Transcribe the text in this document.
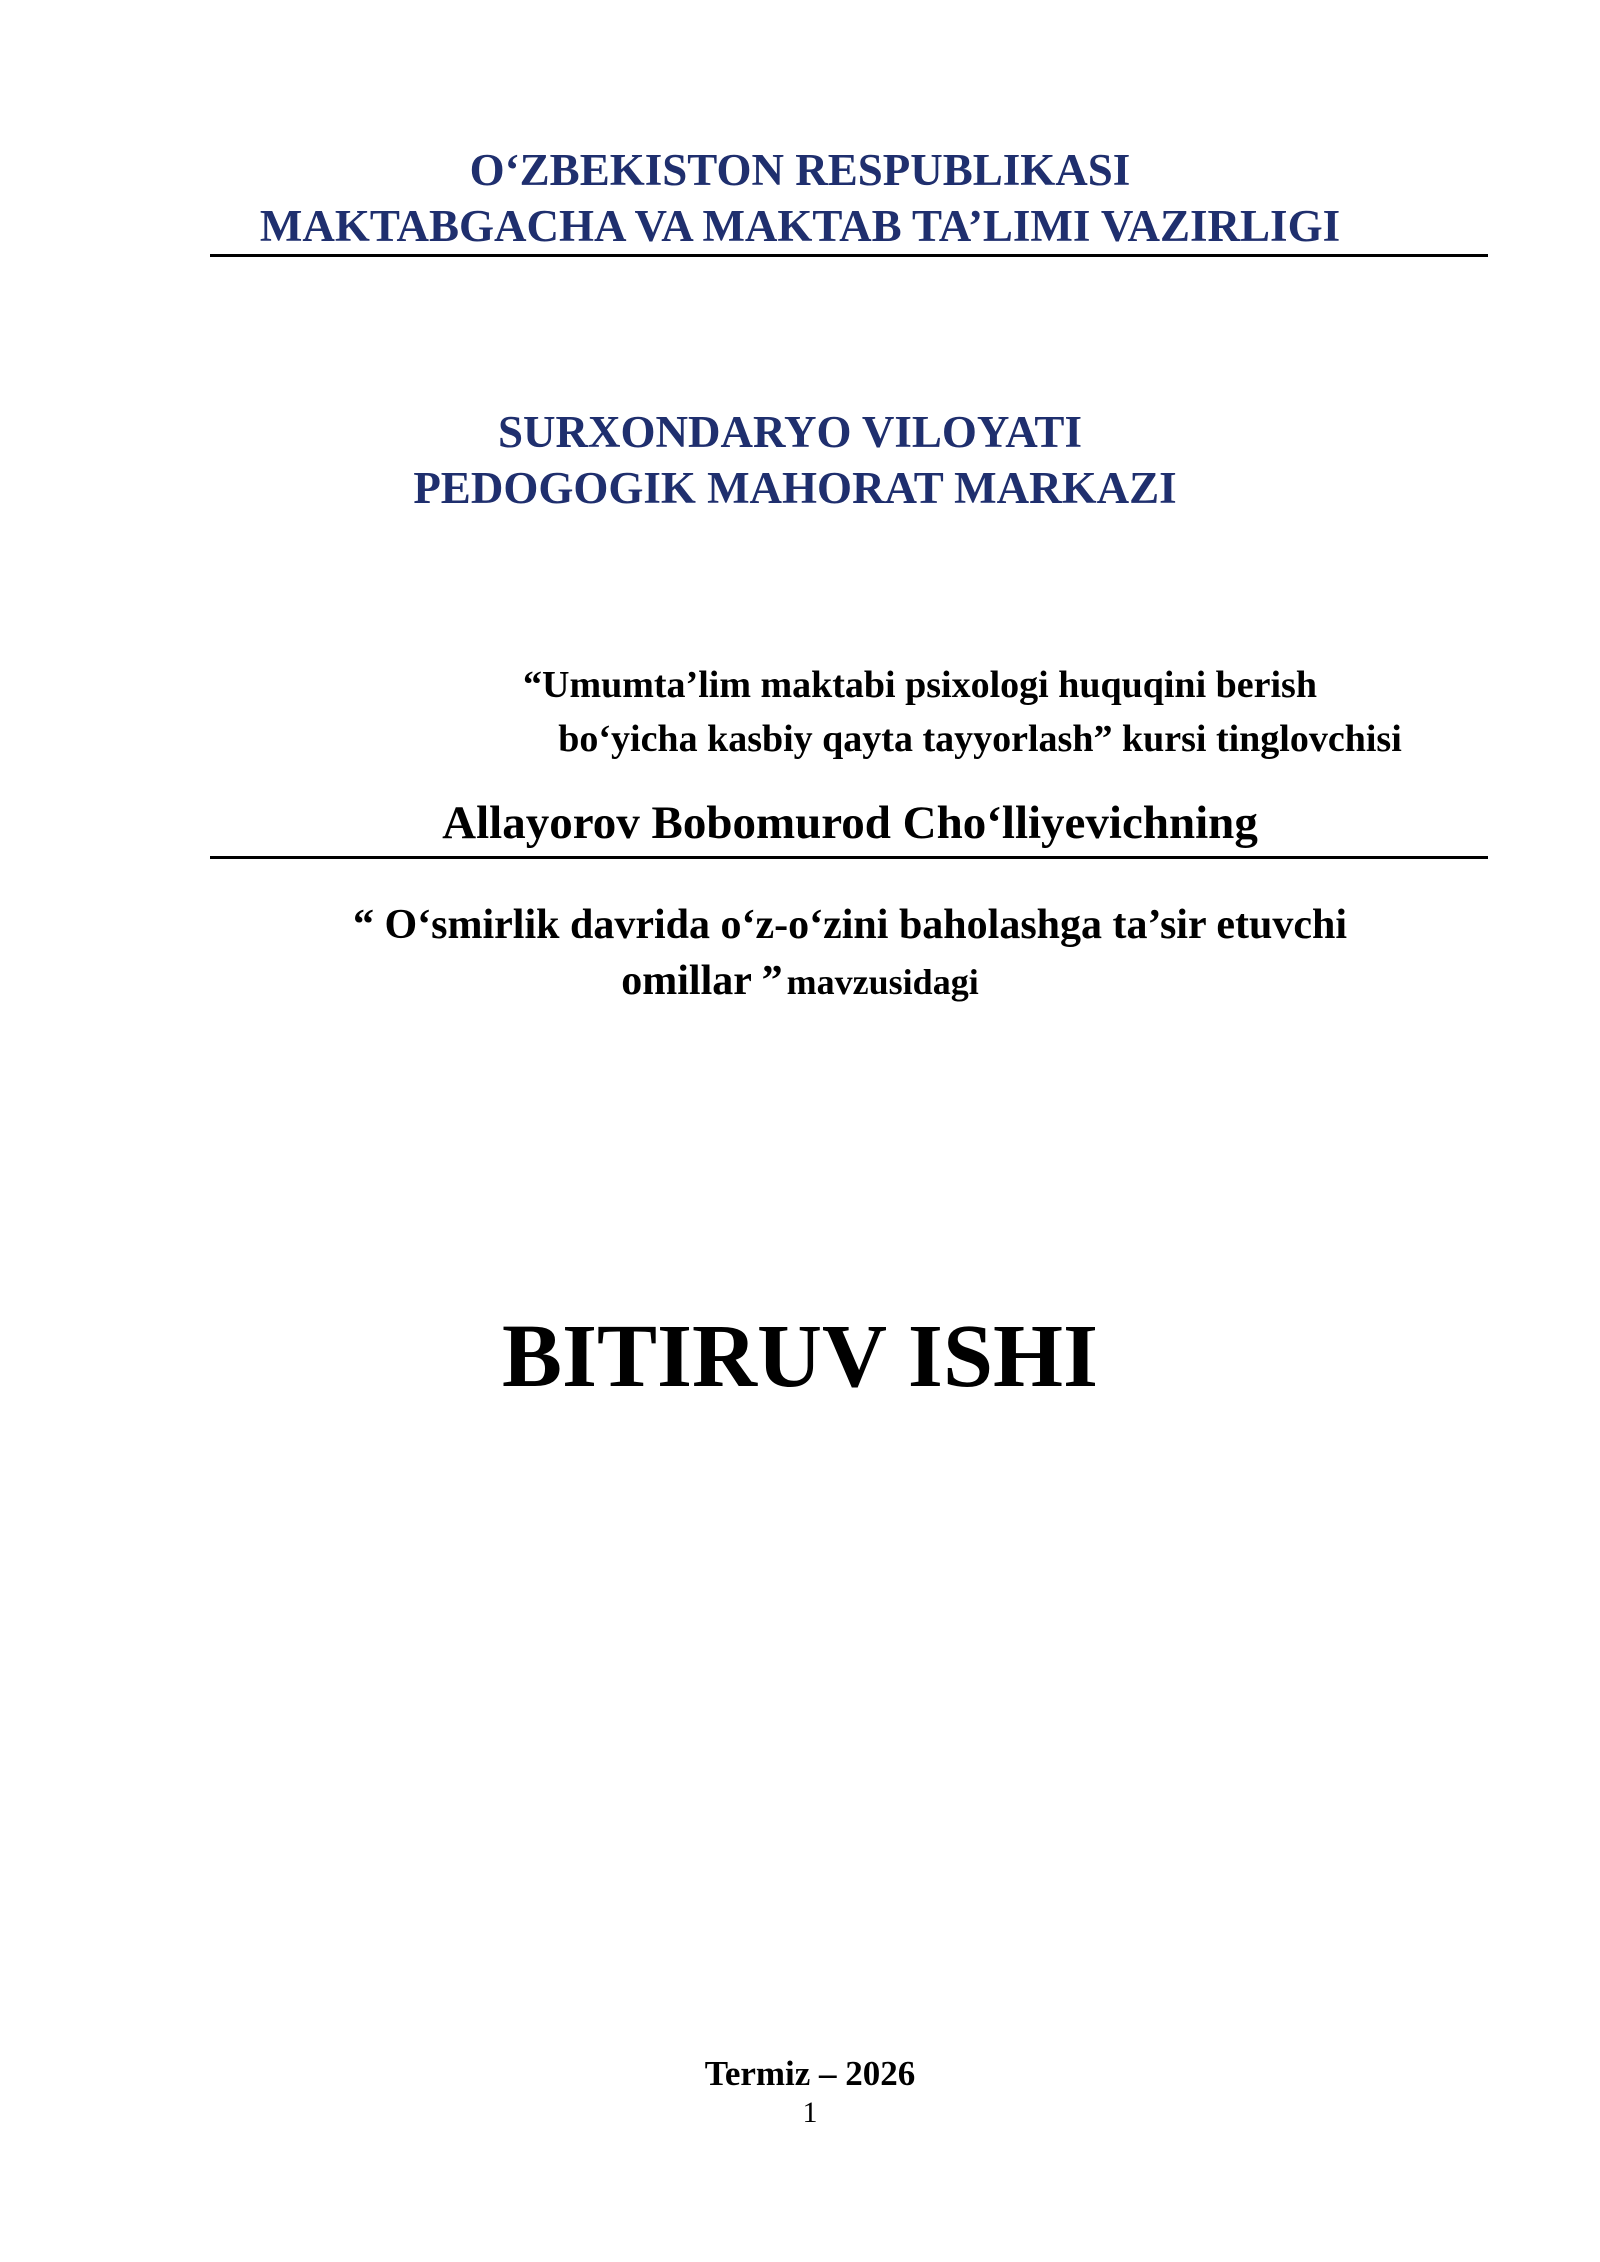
O‘ZBEKISTON RESPUBLIKASI
MAKTABGACHA VA MAKTAB TA’LIMI VAZIRLIGI
SURXONDARYO VILOYATI
PEDOGOGIK MAHORAT MARKAZI
“Umumta’lim maktabi psixologi huquqini berish
bo‘yicha kasbiy qayta tayyorlash” kursi tinglovchisi
Allayorov Bobomurod Cho‘lliyevichning
“ O‘smirlik davrida o‘z-o‘zini baholashga ta’sir etuvchi
omillar ” mavzusidagi
BITIRUV ISHI
Termiz – 2026
1
